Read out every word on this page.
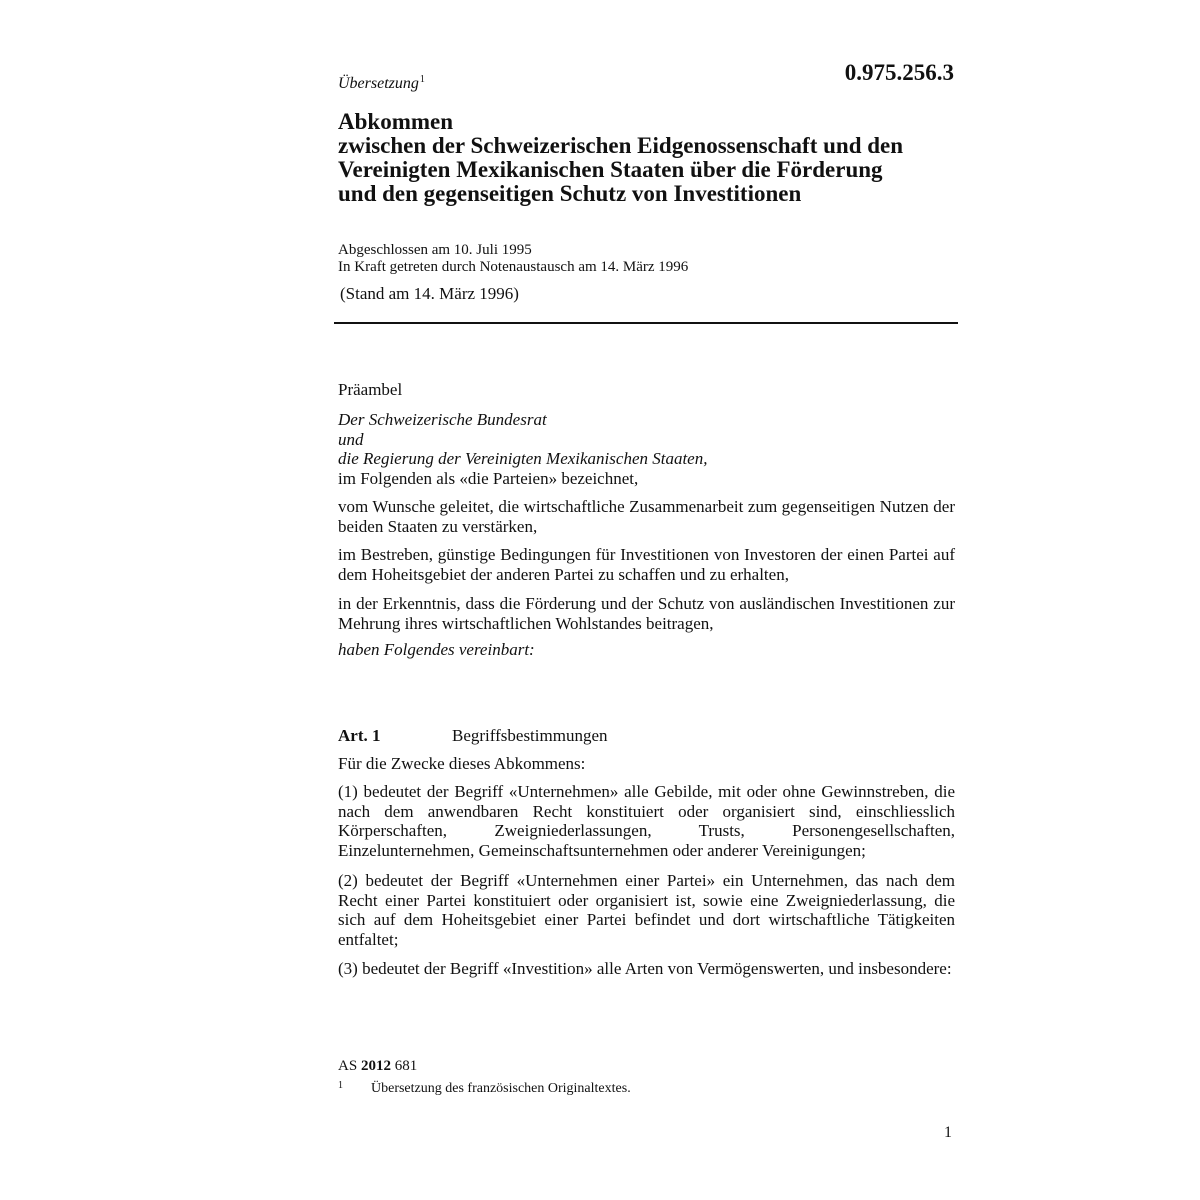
Übersetzung$^1$	0.975.256.3
Abkommen
zwischen der Schweizerischen Eidgenossenschaft und den
Vereinigten Mexikanischen Staaten über die Förderung
und den gegenseitigen Schutz von Investitionen
Abgeschlossen am 10. Juli 1995
In Kraft getreten durch Notenaustausch am 14. März 1996
(Stand am 14. März 1996)
Präambel

Der Schweizerische Bundesrat

und

die Regierung der Vereinigten Mexikanischen Staaten,

im Folgenden als «die Parteien» bezeichnet,

vom Wunsche geleitet, die wirtschaftliche Zusammenarbeit zum gegenseitigen Nutzen der beiden Staaten zu verstärken,
im Bestreben, günstige Bedingungen für Investitionen von Investoren der einen Partei auf dem Hoheitsgebiet der anderen Partei zu schaffen und zu erhalten,
in der Erkenntnis, dass die Förderung und der Schutz von ausländischen Investitionen zur Mehrung ihres wirtschaftlichen Wohlstandes beitragen,
haben Folgendes vereinbart:
Art. 1	Begriffsbestimmungen
Für die Zwecke dieses Abkommens:
(1) bedeutet der Begriff «Unternehmen» alle Gebilde, mit oder ohne Gewinnstreben, die nach dem anwendbaren Recht konstituiert oder organisiert sind, einschliesslich Körperschaften, Zweigniederlassungen, Trusts, Personengesellschaften, Einzelunternehmen, Gemeinschaftsunternehmen oder anderer Vereinigungen;
(2) bedeutet der Begriff «Unternehmen einer Partei» ein Unternehmen, das nach dem Recht einer Partei konstituiert oder organisiert ist, sowie eine Zweigniederlassung, die sich auf dem Hoheitsgebiet einer Partei befindet und dort wirtschaftliche Tätigkeiten entfaltet;
(3) bedeutet der Begriff «Investition» alle Arten von Vermögenswerten, und insbesondere:
AS 2012 681
1 Übersetzung des französischen Originaltextes.
1
